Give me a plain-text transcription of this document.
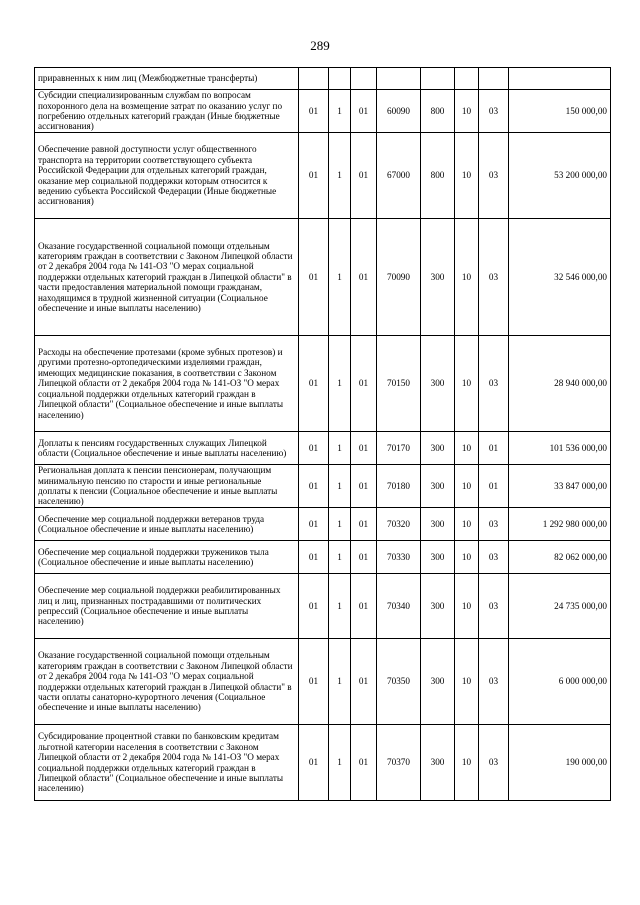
289
приравненных к ним лиц (Межбюджетные трансферты)								
Субсидии специализированным службам по вопросам похоронного дела на возмещение затрат по оказанию услуг по погребению отдельных категорий граждан (Иные бюджетные ассигнования)	01	1	01	60090	800	10	03	150 000,00
Обеспечение равной доступности услуг общественного транспорта на территории соответствующего субъекта Российской Федерации для отдельных категорий граждан, оказание мер социальной поддержки которым относится к ведению субъекта Российской Федерации (Иные бюджетные ассигнования)	01	1	01	67000	800	10	03	53 200 000,00
Оказание государственной социальной помощи отдельным категориям граждан в соответствии с Законом Липецкой области от 2 декабря 2004 года № 141-ОЗ "О мерах социальной поддержки отдельных категорий граждан в Липецкой области" в части предоставления материальной помощи гражданам, находящимся в трудной жизненной ситуации (Социальное обеспечение и иные выплаты населению)	01	1	01	70090	300	10	03	32 546 000,00
Расходы на обеспечение протезами (кроме зубных протезов) и другими протезно-ортопедическими изделиями граждан, имеющих медицинские показания, в соответствии с Законом Липецкой области от 2 декабря 2004 года № 141-ОЗ "О мерах социальной поддержки отдельных категорий граждан в Липецкой области" (Социальное обеспечение и иные выплаты населению)	01	1	01	70150	300	10	03	28 940 000,00
Доплаты к пенсиям государственных служащих Липецкой области (Социальное обеспечение и иные выплаты населению)	01	1	01	70170	300	10	01	101 536 000,00
Региональная доплата к пенсии пенсионерам, получающим минимальную пенсию по старости и иные региональные доплаты к пенсии (Социальное обеспечение и иные выплаты населению)	01	1	01	70180	300	10	01	33 847 000,00
Обеспечение мер социальной поддержки ветеранов труда (Социальное обеспечение и иные выплаты населению)	01	1	01	70320	300	10	03	1 292 980 000,00
Обеспечение мер социальной поддержки тружеников тыла (Социальное обеспечение и иные выплаты населению)	01	1	01	70330	300	10	03	82 062 000,00
Обеспечение мер социальной поддержки реабилитированных лиц и лиц, признанных пострадавшими от политических репрессий (Социальное обеспечение и иные выплаты населению)	01	1	01	70340	300	10	03	24 735 000,00
Оказание государственной социальной помощи отдельным категориям граждан в соответствии с Законом Липецкой области от 2 декабря 2004 года № 141-ОЗ "О мерах социальной поддержки отдельных категорий граждан в Липецкой области" в части оплаты санаторно-курортного лечения (Социальное обеспечение и иные выплаты населению)	01	1	01	70350	300	10	03	6 000 000,00
Субсидирование процентной ставки по банковским кредитам льготной категории населения в соответствии с Законом Липецкой области от 2 декабря 2004 года № 141-ОЗ "О мерах социальной поддержки отдельных категорий граждан в Липецкой области" (Социальное обеспечение и иные выплаты населению)	01	1	01	70370	300	10	03	190 000,00
